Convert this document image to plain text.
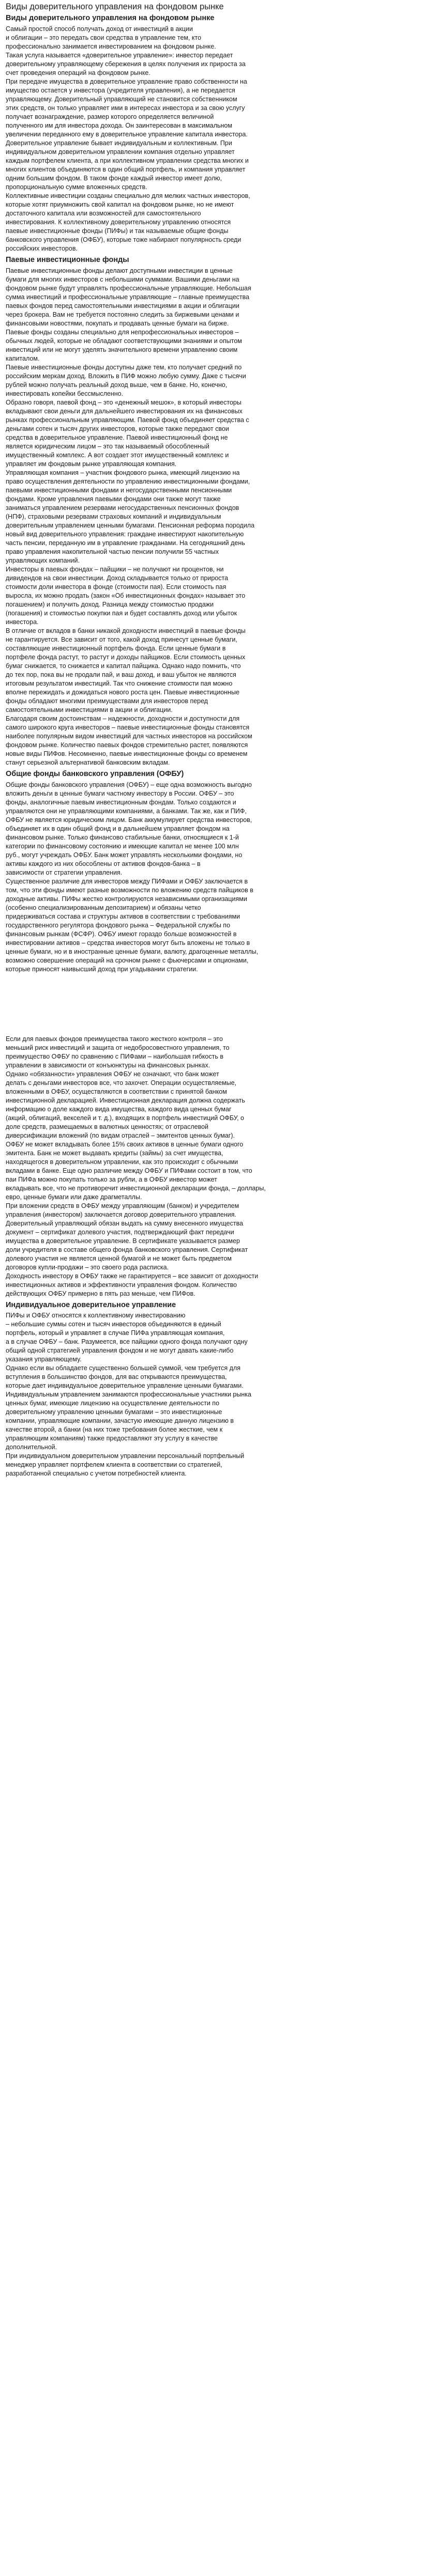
Виды доверительного управления на фондовом рынке
Виды доверительного управления на фондовом рынке

Самый простой способ получать доход от инвестиций в акции
и облигации – это передать свои средства в управление тем, кто
профессионально занимается инвестированием на фондовом рынке.

Такая услуга называется «доверительное управление»: инвестор передает
доверительному управляющему сбережения в целях получения их прироста за
счет проведения операций на фондовом рынке.

При передаче имущества в доверительное управление право собственности на
имущество остается у инвестора (учредителя управления), а не передается
управляющему. Доверительный управляющий не становится собственником
этих средств, он только управляет ими в интересах инвестора и за свою услугу
получает вознаграждение, размер которого определяется величиной
полученного им для инвестора дохода. Он заинтересован в максимальном
увеличении переданного ему в доверительное управление капитала инвестора.

Доверительное управление бывает индивидуальным и коллективным. При
индивидуальном доверительном управлении компания отдельно управляет
каждым портфелем клиента, а при коллективном управлении средства многих и
многих клиентов объединяются в один общий портфель, и компания управляет
одним большим фондом. В таком фонде каждый инвестор имеет долю,
пропорциональную сумме вложенных средств.

Коллективные инвестиции созданы специально для мелких частных инвесторов,
которые хотят приумножить свой капитал на фондовом рынке, но не имеют
достаточного капитала или возможностей для самостоятельного
инвестирования. К коллективному доверительному управлению относятся
паевые инвестиционные фонды (ПИФы) и так называемые общие фонды
банковского управления (ОФБУ), которые тоже набирают популярность среди
российских инвесторов.

Паевые инвестиционные фонды

Паевые инвестиционные фонды делают доступными инвестиции в ценные
бумаги для многих инвесторов с небольшими суммами. Вашими деньгами на
фондовом рынке будут управлять профессиональные управляющие. Небольшая
сумма инвестиций и профессиональные управляющие – главные преимущества
паевых фондов перед самостоятельными инвестициями в акции и облигации
через брокера. Вам не требуется постоянно следить за биржевыми ценами и
финансовыми новостями, покупать и продавать ценные бумаги на бирже.

Паевые фонды созданы специально для непрофессиональных инвесторов –
обычных людей, которые не обладают соответствующими знаниями и опытом
инвестиций или не могут уделять значительного времени управлению своим
капиталом.

Паевые инвестиционные фонды доступны даже тем, кто получает средний по
российским меркам доход. Вложить в ПИФ можно любую сумму. Даже с тысячи
рублей можно получать реальный доход выше, чем в банке. Но, конечно,
инвестировать копейки бессмысленно.

Образно говоря, паевой фонд – это «денежный мешок», в который инвесторы
вкладывают свои деньги для дальнейшего инвестирования их на финансовых
рынках профессиональным управляющим. Паевой фонд объединяет средства с
деньгами сотен и тысяч других инвесторов, которые также передают свои
средства в доверительное управление. Паевой инвестиционный фонд не
является юридическим лицом – это так называемый обособленный
имущественный комплекс. А вот создает этот имущественный комплекс и
управляет им фондовым рынке управляющая компания.

Управляющая компания – участник фондового рынка, имеющий лицензию на
право осуществления деятельности по управлению инвестиционными фондами,
паевыми инвестиционными фондами и негосударственными пенсионными
фондами. Кроме управления паевыми фондами они также могут также
заниматься управлением резервами негосударственных пенсионных фондов
(НПФ), страховыми резервами страховых компаний и индивидуальным
доверительным управлением ценными бумагами. Пенсионная реформа породила
новый вид доверительного управления: граждане инвестируют накопительную
часть пенсии, переданную им в управление гражданами. На сегодняшний день
право управления накопительной частью пенсии получили 55 частных
управляющих компаний.

Инвесторы в паевых фондах – пайщики – не получают ни процентов, ни
дивидендов на свои инвестиции. Доход складывается только от прироста
стоимости доли инвестора в фонде (стоимости пая). Если стоимость пая
выросла, их можно продать (закон «Об инвестиционных фондах» называет это
погашением) и получить доход. Разница между стоимостью продажи
(погашения) и стоимостью покупки пая и будет составлять доход или убыток
инвестора.

В отличие от вкладов в банки никакой доходности инвестиций в паевые фонды
не гарантируется. Все зависит от того, какой доход принесут ценные бумаги,
составляющие инвестиционный портфель фонда. Если ценные бумаги в
портфеле фонда растут, то растут и доходы пайщиков. Если стоимость ценных
бумаг снижается, то снижается и капитал пайщика. Однако надо помнить, что
до тех пор, пока вы не продали пай, и ваш доход, и ваш убыток не являются
итоговым результатом инвестиций. Так что снижение стоимости пая можно
вполне пережидать и дожидаться нового роста цен. Паевые инвестиционные
фонды обладают многими преимуществами для инвесторов перед
самостоятельными инвестициями в акции и облигации.

Благодаря своим достоинствам – надежности, доходности и доступности для
самого широкого круга инвесторов – паевые инвестиционные фонды становятся
наиболее популярным видом инвестиций для частных инвесторов на российском
фондовом рынке. Количество паевых фондов стремительно растет, появляются
новые виды ПИФов. Несомненно, паевые инвестиционные фонды со временем
станут серьезной альтернативой банковским вкладам.

Общие фонды банковского управления (ОФБУ)

Общие фонды банковского управления (ОФБУ) – еще одна возможность выгодно
вложить деньги в ценные бумаги частному инвестору в России. ОФБУ – это
фонды, аналогичные паевым инвестиционным фондам. Только создаются и
управляются они не управляющими компаниями, а банками. Так же, как и ПИФ,
ОФБУ не является юридическим лицом. Банк аккумулирует средства инвесторов,
объединяет их в один общий фонд и в дальнейшем управляет фондом на
финансовом рынке. Только финансово стабильные банки, относящиеся к 1-й
категории по финансовому состоянию и имеющие капитал не менее 100 млн
руб., могут учреждать ОФБУ. Банк может управлять несколькими фондами, но
активы каждого из них обособлены от активов фондов-банка – в
зависимости от стратегии управления.

Существенное различие для инвесторов между ПИФами и ОФБУ заключается в
том, что эти фонды имеют разные возможности по вложению средств пайщиков в
доходные активы. ПИФы жестко контролируются независимыми организациями
(особенно специализированным депозитарием) и обязаны четко
придерживаться состава и структуры активов в соответствии с требованиями
государственного регулятора фондового рынка – Федеральной службы по
финансовым рынкам (ФСФР). ОФБУ имеют гораздо больше возможностей в
инвестировании активов – средства инвесторов могут быть вложены не только в
ценные бумаги, но и в иностранные ценные бумаги, валюту, драгоценные металлы,
возможно совершение операций на срочном рынке с фьючерсами и опционами,
которые приносят наивысший доход при угадывании стратегии.

Если для паевых фондов преимущества такого жесткого контроля – это
меньший риск инвестиций и защита от недобросовестного управления, то
преимущество ОФБУ по сравнению с ПИФами – наибольшая гибкость в
управлении в зависимости от конъюнктуры на финансовых рынках.

Однако «обязанности» управления ОФБУ не означают, что банк может
делать с деньгами инвесторов все, что захочет. Операции осуществляемые,
вложенными в ОФБУ, осуществляются в соответствии с принятой банком
инвестиционной декларацией. Инвестиционная декларация должна содержать
информацию о доле каждого вида имущества, каждого вида ценных бумаг
(акций, облигаций, векселей и т. д.), входящих в портфель инвестиций ОФБУ, о
доле средств, размещаемых в валютных ценностях; от отраслевой
диверсификации вложений (по видам отраслей – эмитентов ценных бумаг).

ОФБУ не может вкладывать более 15% своих активов в ценные бумаги одного
эмитента. Банк не может выдавать кредиты (займы) за счет имущества,
находящегося в доверительном управлении, как это происходит с обычными
вкладами в банке. Еще одно различие между ОФБУ и ПИФами состоит в том, что
паи ПИФа можно покупать только за рубли, а в ОФБУ инвестор может
вкладывать все, что не противоречит инвестиционной декларации фонда, – доллары,
евро, ценные бумаги или даже драгметаллы.

При вложении средств в ОФБУ между управляющим (банком) и учредителем
управления (инвестором) заключается договор доверительного управления.
Доверительный управляющий обязан выдать на сумму внесенного имущества
документ – сертификат долевого участия, подтверждающий факт передачи
имущества в доверительное управление. В сертификате указывается размер
доли учредителя в составе общего фонда банковского управления. Сертификат
долевого участия не является ценной бумагой и не может быть предметом
договоров купли-продажи – это своего рода расписка.

Доходность инвестору в ОФБУ также не гарантируется – все зависит от доходности
инвестиционных активов и эффективности управления фондом. Количество
действующих ОФБУ примерно в пять раз меньше, чем ПИФов.

Индивидуальное доверительное управление

ПИФы и ОФБУ относятся к коллективному инвестированию
– небольшие суммы сотен и тысяч инвесторов объединяются в единый
портфель, который и управляет в случае ПИФа управляющая компания,
а в случае ОФБУ – банк. Разумеется, все пайщики одного фонда получают одну
общий одной стратегией управления фондом и не могут давать какие-либо
указания управляющему.

Однако если вы обладаете существенно большей суммой, чем требуется для
вступления в большинство фондов, для вас открываются преимущества,
которые дает индивидуальное доверительное управление ценными бумагами.
Индивидуальным управлением занимаются профессиональные участники рынка
ценных бумаг, имеющие лицензию на осуществление деятельности по
доверительному управлению ценными бумагами – это инвестиционные
компании, управляющие компании, зачастую имеющие данную лицензию в
качестве второй, а банки (на них тоже требования более жесткие, чем к
управляющим компаниям) также предоставляют эту услугу в качестве
дополнительной.

При индивидуальном доверительном управлении персональный портфельный
менеджер управляет портфелем клиента в соответствии со стратегией,
разработанной специально с учетом потребностей клиента.
